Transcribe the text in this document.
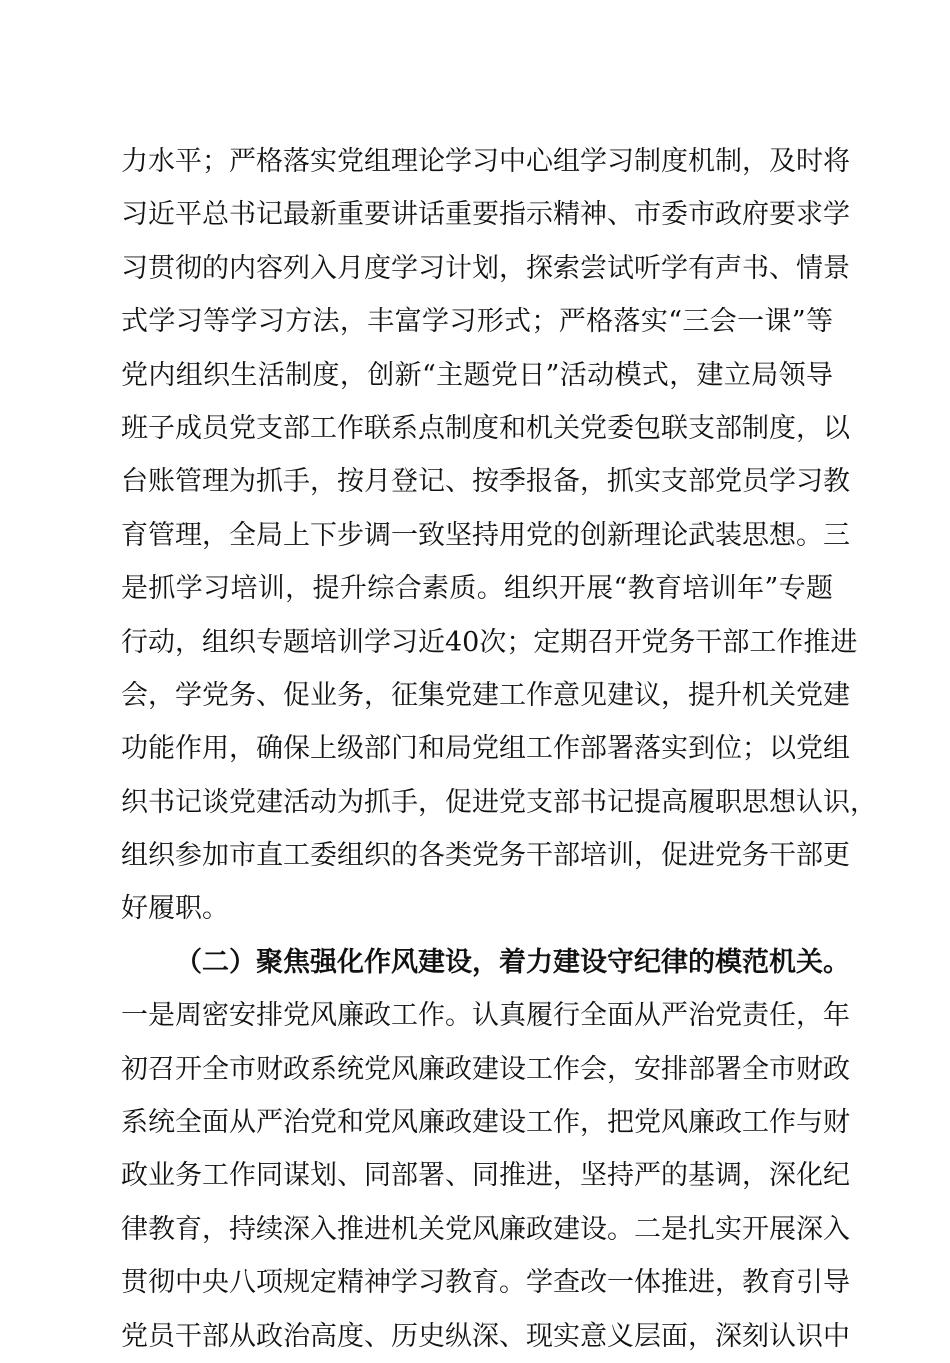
力水平；严格落实党组理论学习中心组学习制度机制，及时将
习近平总书记最新重要讲话重要指示精神、市委市政府要求学
习贯彻的内容列入月度学习计划，探索尝试听学有声书、情景
式学习等学习方法，丰富学习形式；严格落实“三会一课”等
党内组织生活制度，创新“主题党日”活动模式，建立局领导
班子成员党支部工作联系点制度和机关党委包联支部制度，以
台账管理为抓手，按月登记、按季报备，抓实支部党员学习教
育管理，全局上下步调一致坚持用党的创新理论武装思想。三
是抓学习培训，提升综合素质。组织开展“教育培训年”专题
行动，组织专题培训学习近40次；定期召开党务干部工作推进
会，学党务、促业务，征集党建工作意见建议，提升机关党建
功能作用，确保上级部门和局党组工作部署落实到位；以党组
织书记谈党建活动为抓手，促进党支部书记提高履职思想认识，
组织参加市直工委组织的各类党务干部培训，促进党务干部更
好履职。
（二）聚焦强化作风建设，着力建设守纪律的模范机关。
一是周密安排党风廉政工作。认真履行全面从严治党责任，年
初召开全市财政系统党风廉政建设工作会，安排部署全市财政
系统全面从严治党和党风廉政建设工作，把党风廉政工作与财
政业务工作同谋划、同部署、同推进，坚持严的基调，深化纪
律教育，持续深入推进机关党风廉政建设。二是扎实开展深入
贯彻中央八项规定精神学习教育。学查改一体推进，教育引导
党员干部从政治高度、历史纵深、现实意义层面，深刻认识中
